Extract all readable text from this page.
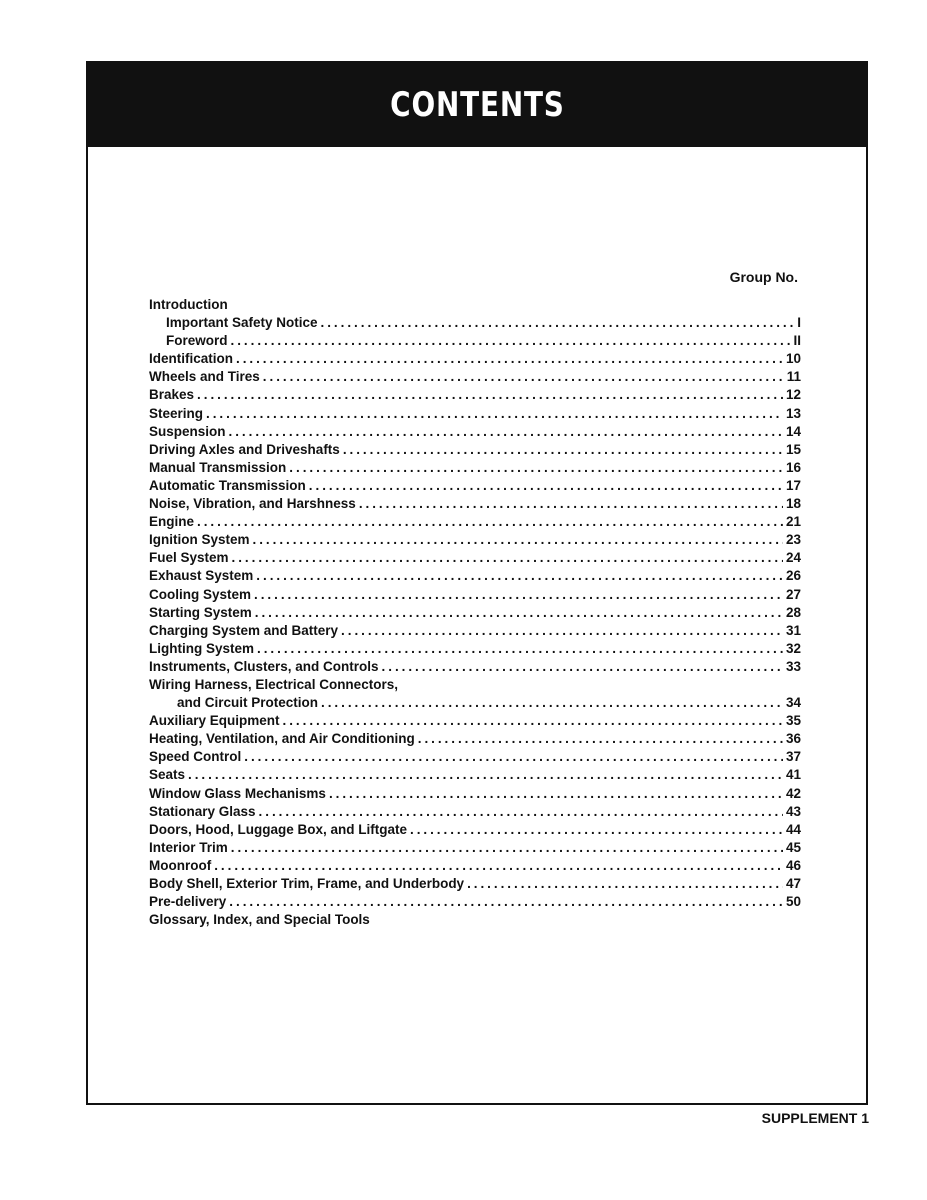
CONTENTS
Group No.
Introduction
Important Safety Notice . . .	I
Foreword . . .	II
Identification . . .	10
Wheels and Tires . . .	11
Brakes . . .	12
Steering . . .	13
Suspension . . .	14
Driving Axles and Driveshafts . . .	15
Manual Transmission . . .	16
Automatic Transmission . . .	17
Noise, Vibration, and Harshness . . .	18
Engine . . .	21
Ignition System . . .	23
Fuel System . . .	24
Exhaust System . . .	26
Cooling System . . .	27
Starting System . . .	28
Charging System and Battery . . .	31
Lighting System . . .	32
Instruments, Clusters, and Controls . . .	33
Wiring Harness, Electrical Connectors,
and Circuit Protection . . .	34
Auxiliary Equipment . . .	35
Heating, Ventilation, and Air Conditioning . . .	36
Speed Control . . .	37
Seats . . .	41
Window Glass Mechanisms . . .	42
Stationary Glass . . .	43
Doors, Hood, Luggage Box, and Liftgate . . .	44
Interior Trim . . .	45
Moonroof . . .	46
Body Shell, Exterior Trim, Frame, and Underbody . . .	47
Pre-delivery . . .	50
Glossary, Index, and Special Tools
SUPPLEMENT 1
